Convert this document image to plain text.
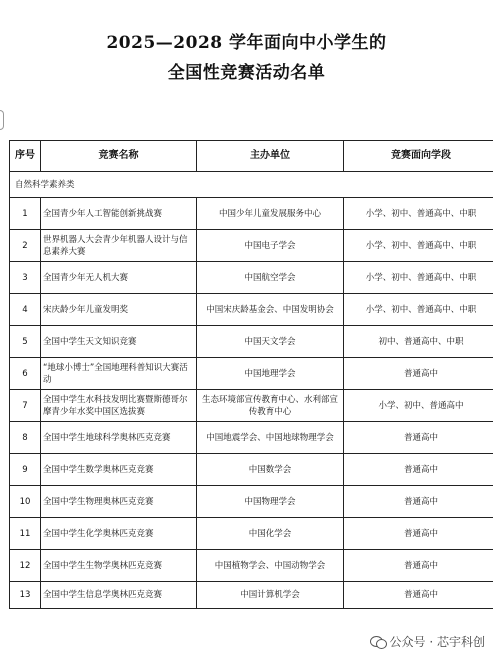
2025—2028 学年面向中小学生的
全国性竞赛活动名单
序号	竞赛名称	主办单位	竞赛面向学段
自然科学素养类			
1	全国青少年人工智能创新挑战赛	中国少年儿童发展服务中心	小学、初中、普通高中、中职
2	世界机器人大会青少年机器人设计与信息素养大赛	中国电子学会	小学、初中、普通高中、中职
3	全国青少年无人机大赛	中国航空学会	小学、初中、普通高中、中职
4	宋庆龄少年儿童发明奖	中国宋庆龄基金会、中国发明协会	小学、初中、普通高中、中职
5	全国中学生天文知识竞赛	中国天文学会	初中、普通高中、中职
6	“地球小博士”全国地理科普知识大赛活动	中国地理学会	普通高中
7	全国中学生水科技发明比赛暨斯德哥尔摩青少年水奖中国区选拔赛	生态环境部宣传教育中心、水利部宣传教育中心	小学、初中、普通高中
8	全国中学生地球科学奥林匹克竞赛	中国地震学会、中国地球物理学会	普通高中
9	全国中学生数学奥林匹克竞赛	中国数学会	普通高中
10	全国中学生物理奥林匹克竞赛	中国物理学会	普通高中
11	全国中学生化学奥林匹克竞赛	中国化学会	普通高中
12	全国中学生生物学奥林匹克竞赛	中国植物学会、中国动物学会	普通高中
13	全国中学生信息学奥林匹克竞赛	中国计算机学会	普通高中
公众号 · 芯宇科创
